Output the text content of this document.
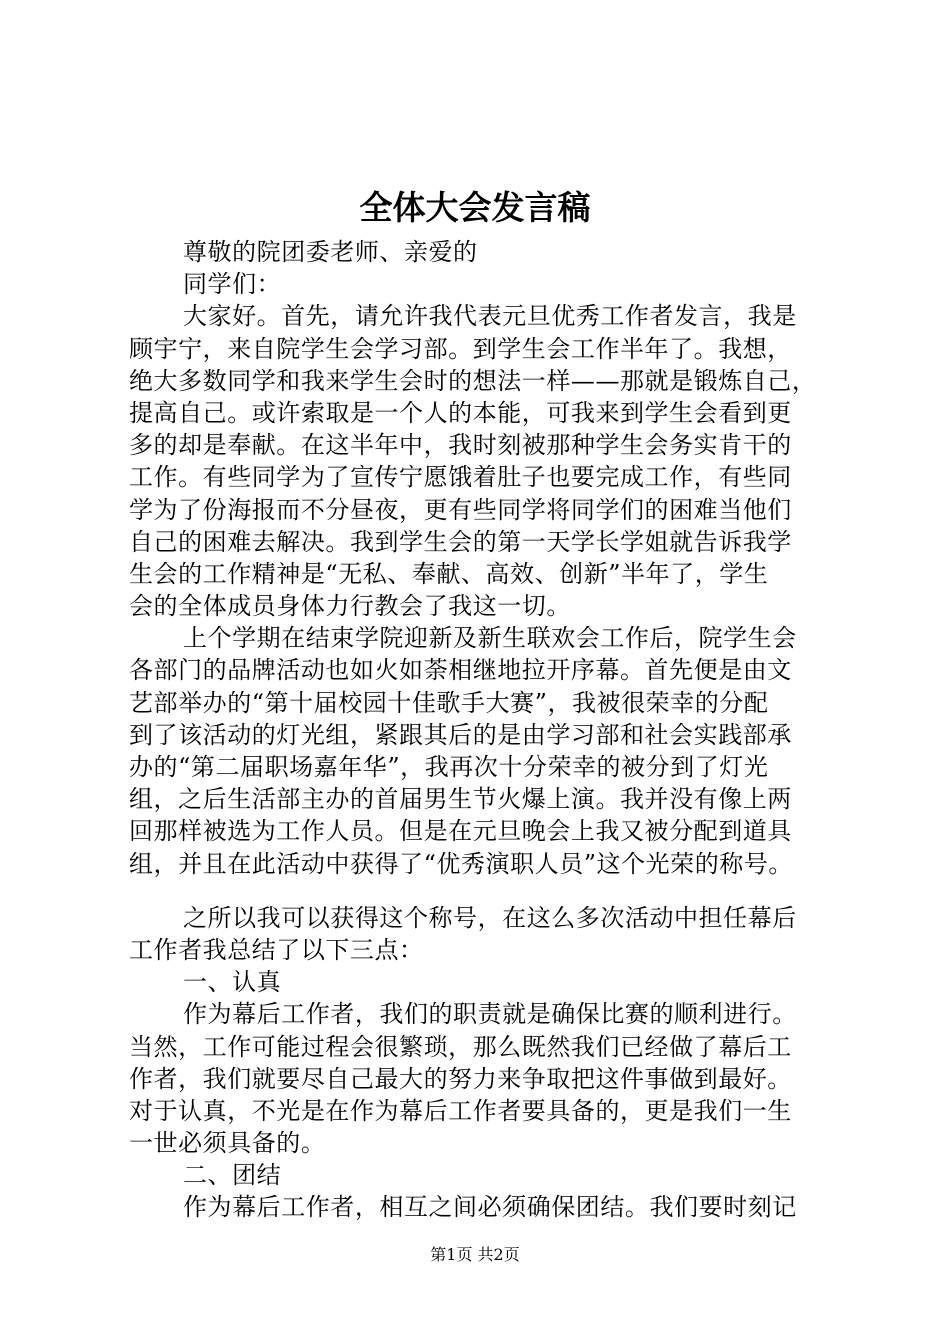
全体大会发言稿
尊敬的院团委老师、亲爱的
同学们：
大家好。首先，请允许我代表元旦优秀工作者发言，我是
顾宇宁，来自院学生会学习部。到学生会工作半年了。我想，
绝大多数同学和我来学生会时的想法一样——那就是锻炼自己，
提高自己。或许索取是一个人的本能，可我来到学生会看到更
多的却是奉献。在这半年中，我时刻被那种学生会务实肯干的
工作。有些同学为了宣传宁愿饿着肚子也要完成工作，有些同
学为了份海报而不分昼夜，更有些同学将同学们的困难当他们
自己的困难去解决。我到学生会的第一天学长学姐就告诉我学
生会的工作精神是“无私、奉献、高效、创新”半年了，学生
会的全体成员身体力行教会了我这一切。
上个学期在结束学院迎新及新生联欢会工作后，院学生会
各部门的品牌活动也如火如荼相继地拉开序幕。首先便是由文
艺部举办的“第十届校园十佳歌手大赛”，我被很荣幸的分配
到了该活动的灯光组，紧跟其后的是由学习部和社会实践部承
办的“第二届职场嘉年华”，我再次十分荣幸的被分到了灯光
组，之后生活部主办的首届男生节火爆上演。我并没有像上两
回那样被选为工作人员。但是在元旦晚会上我又被分配到道具
组，并且在此活动中获得了“优秀演职人员”这个光荣的称号。
之所以我可以获得这个称号，在这么多次活动中担任幕后
工作者我总结了以下三点：
一、认真
作为幕后工作者，我们的职责就是确保比赛的顺利进行。
当然，工作可能过程会很繁琐，那么既然我们已经做了幕后工
作者，我们就要尽自己最大的努力来争取把这件事做到最好。
对于认真，不光是在作为幕后工作者要具备的，更是我们一生
一世必须具备的。
二、团结
作为幕后工作者，相互之间必须确保团结。我们要时刻记
第1页 共2页
